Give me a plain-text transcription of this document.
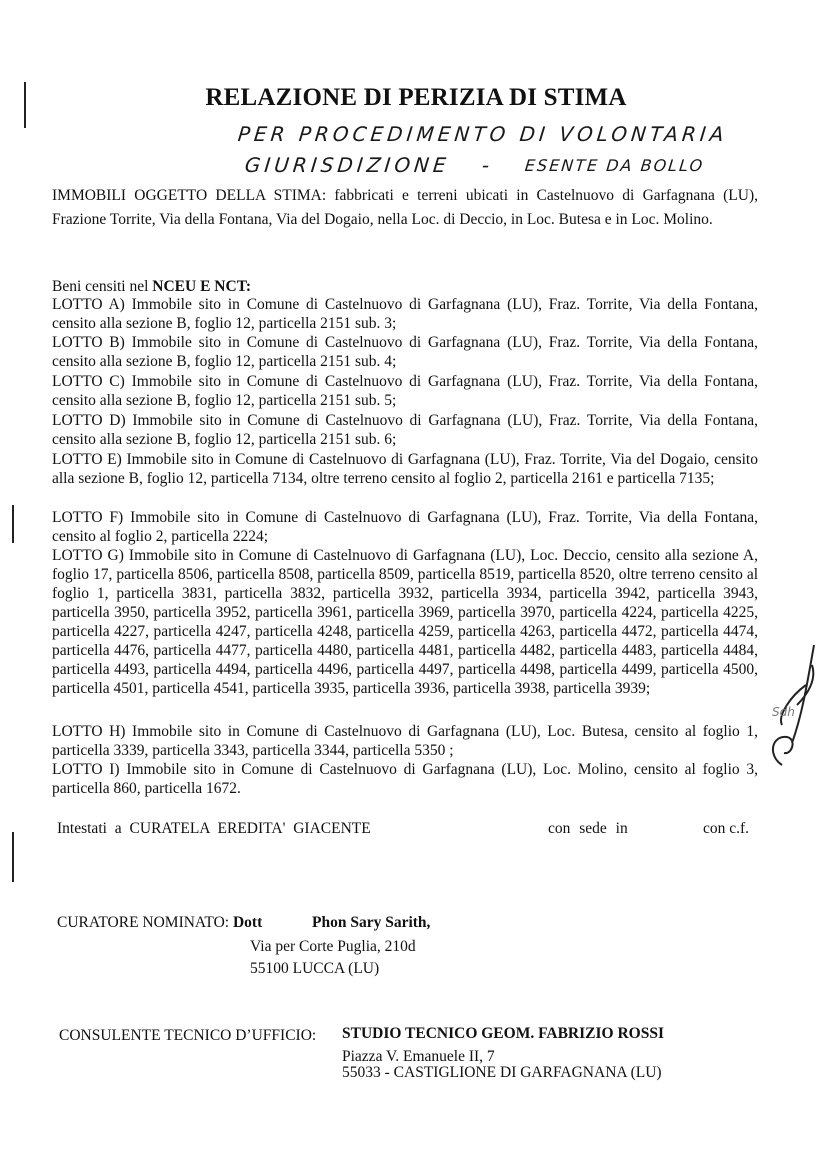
RELAZIONE DI PERIZIA DI STIMA
PER PROCEDIMENTO DI VOLONTARIA
GIURISDIZIONE - ESENTE DA BOLLO
IMMOBILI OGGETTO DELLA STIMA: fabbricati e terreni ubicati in Castelnuovo di Garfagnana (LU), Frazione Torrite, Via della Fontana, Via del Dogaio, nella Loc. di Deccio, in Loc. Butesa e in Loc. Molino.
Beni censiti nel NCEU E NCT:

LOTTO A) Immobile sito in Comune di Castelnuovo di Garfagnana (LU), Fraz. Torrite, Via della Fontana, censito alla sezione B, foglio 12, particella 2151 sub. 3;

LOTTO B) Immobile sito in Comune di Castelnuovo di Garfagnana (LU), Fraz. Torrite, Via della Fontana, censito alla sezione B, foglio 12, particella 2151 sub. 4;

LOTTO C) Immobile sito in Comune di Castelnuovo di Garfagnana (LU), Fraz. Torrite, Via della Fontana, censito alla sezione B, foglio 12, particella 2151 sub. 5;

LOTTO D) Immobile sito in Comune di Castelnuovo di Garfagnana (LU), Fraz. Torrite, Via della Fontana, censito alla sezione B, foglio 12, particella 2151 sub. 6;

LOTTO E) Immobile sito in Comune di Castelnuovo di Garfagnana (LU), Fraz. Torrite, Via del Dogaio, censito alla sezione B, foglio 12, particella 7134, oltre terreno censito al foglio 2, particella 2161 e particella 7135;

LOTTO F) Immobile sito in Comune di Castelnuovo di Garfagnana (LU), Fraz. Torrite, Via della Fontana, censito al foglio 2, particella 2224;

LOTTO G) Immobile sito in Comune di Castelnuovo di Garfagnana (LU), Loc. Deccio, censito alla sezione A, foglio 17, particella 8506, particella 8508, particella 8509, particella 8519, particella 8520, oltre terreno censito al foglio 1, particella 3831, particella 3832, particella 3932, particella 3934, particella 3942, particella 3943, particella 3950, particella 3952, particella 3961, particella 3969, particella 3970, particella 4224, particella 4225, particella 4227, particella 4247, particella 4248, particella 4259, particella 4263, particella 4472, particella 4474, particella 4476, particella 4477, particella 4480, particella 4481, particella 4482, particella 4483, particella 4484, particella 4493, particella 4494, particella 4496, particella 4497, particella 4498, particella 4499, particella 4500, particella 4501, particella 4541, particella 3935, particella 3936, particella 3938, particella 3939;

LOTTO H) Immobile sito in Comune di Castelnuovo di Garfagnana (LU), Loc. Butesa, censito al foglio 1, particella 3339, particella 3343, particella 3344, particella 5350 ;

LOTTO I) Immobile sito in Comune di Castelnuovo di Garfagnana (LU), Loc. Molino, censito al foglio 3, particella 860, particella 1672.

Sdh
Intestati a CURATELA EREDITA' GIACENTE	con sede in	con c.f.
CURATORE NOMINATO: Dott	Phon Sary Sarith,
Via per Corte Puglia, 210d
55100 LUCCA (LU)
CONSULENTE TECNICO D’UFFICIO: STUDIO TECNICO GEOM. FABRIZIO ROSSI
Piazza V. Emanuele II, 7
55033 - CASTIGLIONE DI GARFAGNANA (LU)
